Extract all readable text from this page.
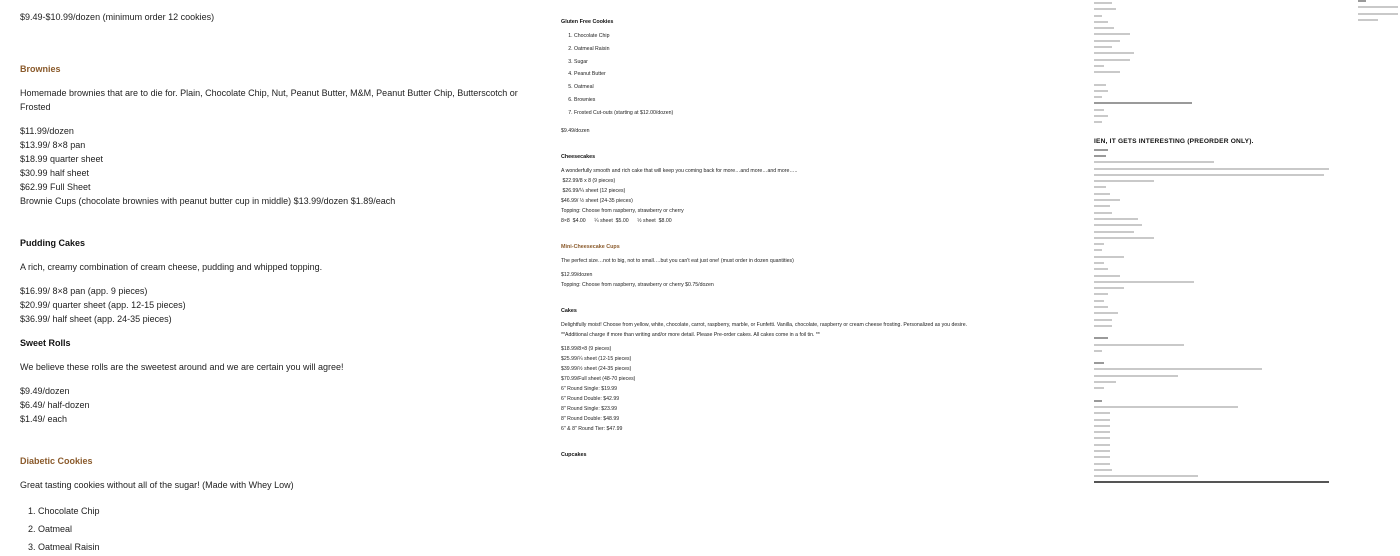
$9.49-$10.99/dozen (minimum order 12 cookies)

Brownies

Homemade brownies that are to die for. Plain, Chocolate Chip, Nut, Peanut Butter, M&M, Peanut Butter Chip, Butterscotch or Frosted

$11.99/dozen

$13.99/ 8×8 pan

$18.99 quarter sheet

$30.99 half sheet

$62.99 Full Sheet

Brownie Cups (chocolate brownies with peanut butter cup in middle) $13.99/dozen $1.89/each

Pudding Cakes

A rich, creamy combination of cream cheese, pudding and whipped topping.

$16.99/ 8×8 pan (app. 9 pieces)

$20.99/ quarter sheet (app. 12-15 pieces)

$36.99/ half sheet (app. 24-35 pieces)

Sweet Rolls

We believe these rolls are the sweetest around and we are certain you will agree!

$9.49/dozen

$6.49/ half-dozen

$1.49/ each

Diabetic Cookies

Great tasting cookies without all of the sugar! (Made with Whey Low)

1. Chocolate Chip
2. Oatmeal
3. Oatmeal Raisin

Gluten Free Cookies

1. Chocolate Chip
2. Oatmeal Raisin
3. Sugar
4. Peanut Butter
5. Oatmeal
6. Brownies
7. Frosted Cut-outs (starting at $12.00/dozen)

$9.49/dozen

Cheesecakes

A wonderfully smooth and rich cake that will keep you coming back for more…and more…and more…..

$22.99/8 x 8 (9 pieces)

$26.99/¼ sheet (12 pieces)

$46.99/ ½ sheet (24-35 pieces)

Topping: Choose from raspberry, strawberry or cherry

8×8  $4.00      ¼ sheet  $5.00      ½ sheet  $8.00

Mini-Cheesecake Cups

The perfect size…not to big, not to small….but you can't eat just one! (must order in dozen quantities)

$12.99/dozen

Topping: Choose from raspberry, strawberry or cherry $0.75/dozen

Cakes

Delightfully moist! Choose from yellow, white, chocolate, carrot, raspberry, marble, or Funfetti. Vanilla, chocolate, raspberry or cream cheese frosting. Personalized as you desire.

**Additional charge if more than writing and/or more detail. Please Pre-order cakes. All cakes come in a foil tin. **

$18.99/8×8 (9 pieces)

$25.99/¼ sheet (12-15 pieces)

$39.99/½ sheet (24-35 pieces)

$70.99/Full sheet (48-70 pieces)

6" Round Single: $19.99

6" Round Double: $42.99

8" Round Single: $23.99

8" Round Double: $48.99

6" & 8" Round Tier: $47.99

Cupcakes

IEN, IT GETS INTERESTING (PREORDER ONLY).
